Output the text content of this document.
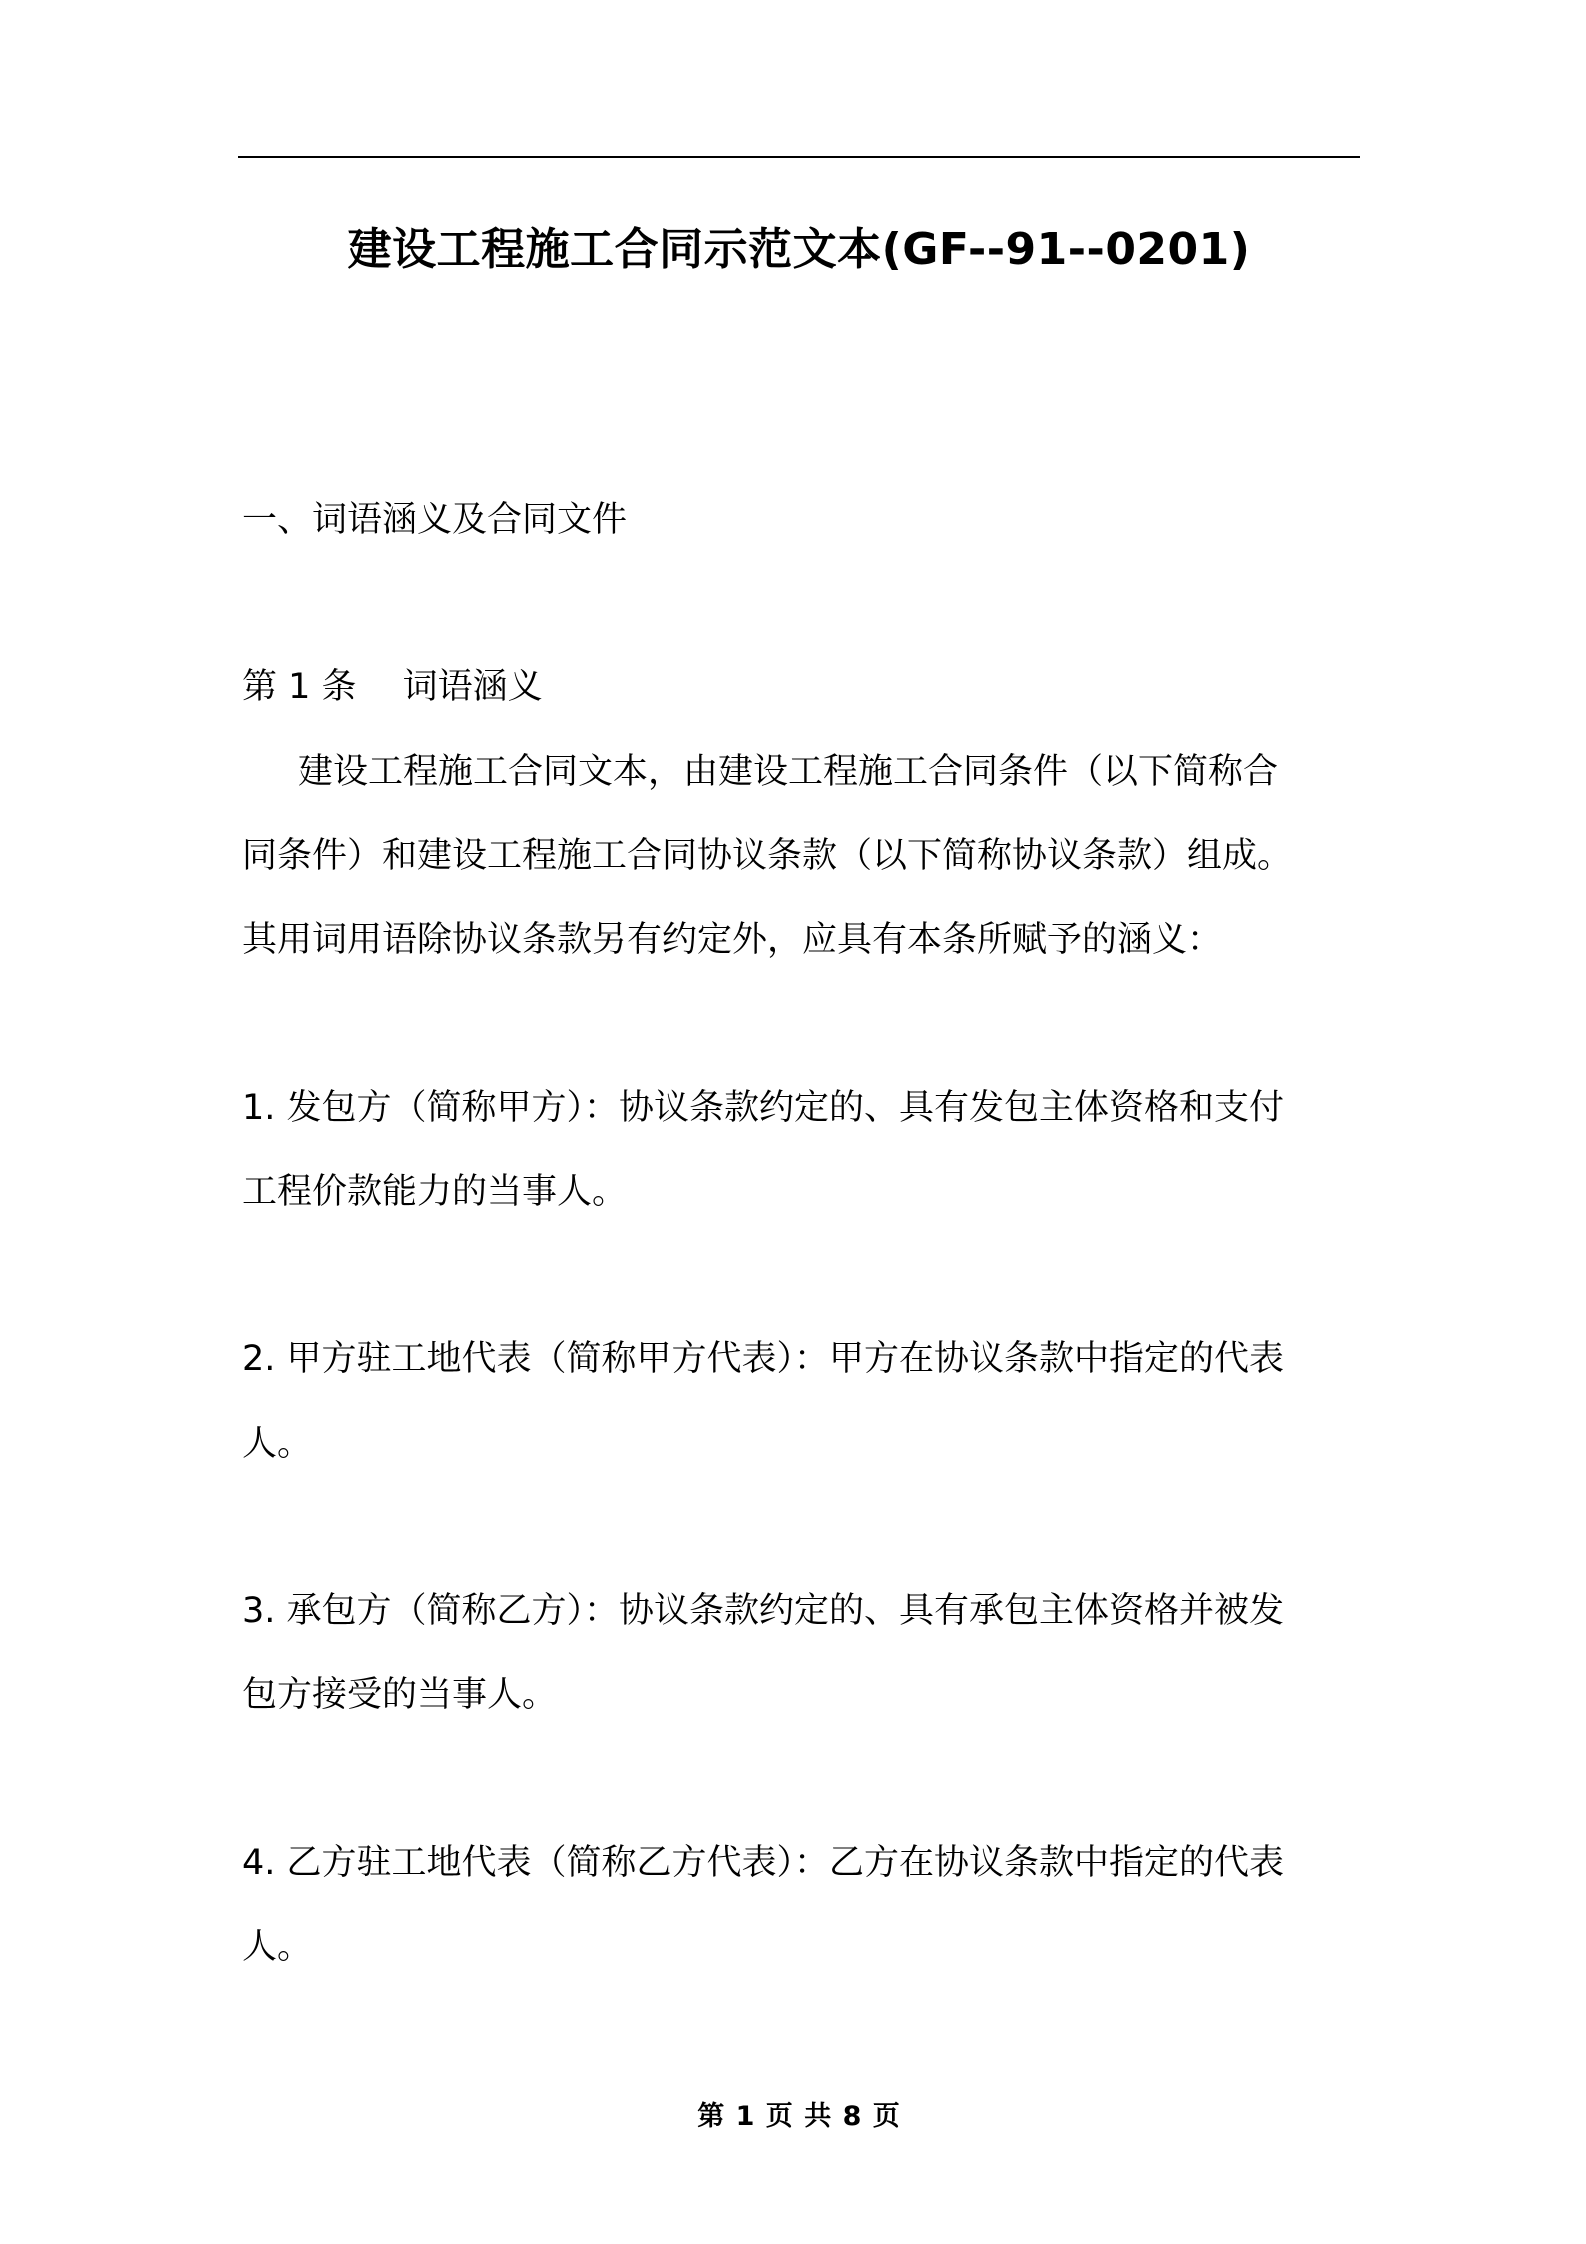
建设工程施工合同示范文本(GF--91--0201)

一、词语涵义及合同文件

第 1 条　 词语涵义

建设工程施工合同文本，由建设工程施工合同条件（以下简称合

同条件）和建设工程施工合同协议条款（以下简称协议条款）组成。

其用词用语除协议条款另有约定外，应具有本条所赋予的涵义：

1. 发包方（简称甲方）：协议条款约定的、具有发包主体资格和支付

工程价款能力的当事人。

2. 甲方驻工地代表（简称甲方代表）：甲方在协议条款中指定的代表

人。

3. 承包方（简称乙方）：协议条款约定的、具有承包主体资格并被发

包方接受的当事人。

4. 乙方驻工地代表（简称乙方代表）：乙方在协议条款中指定的代表

人。

第 1 页 共 8 页
